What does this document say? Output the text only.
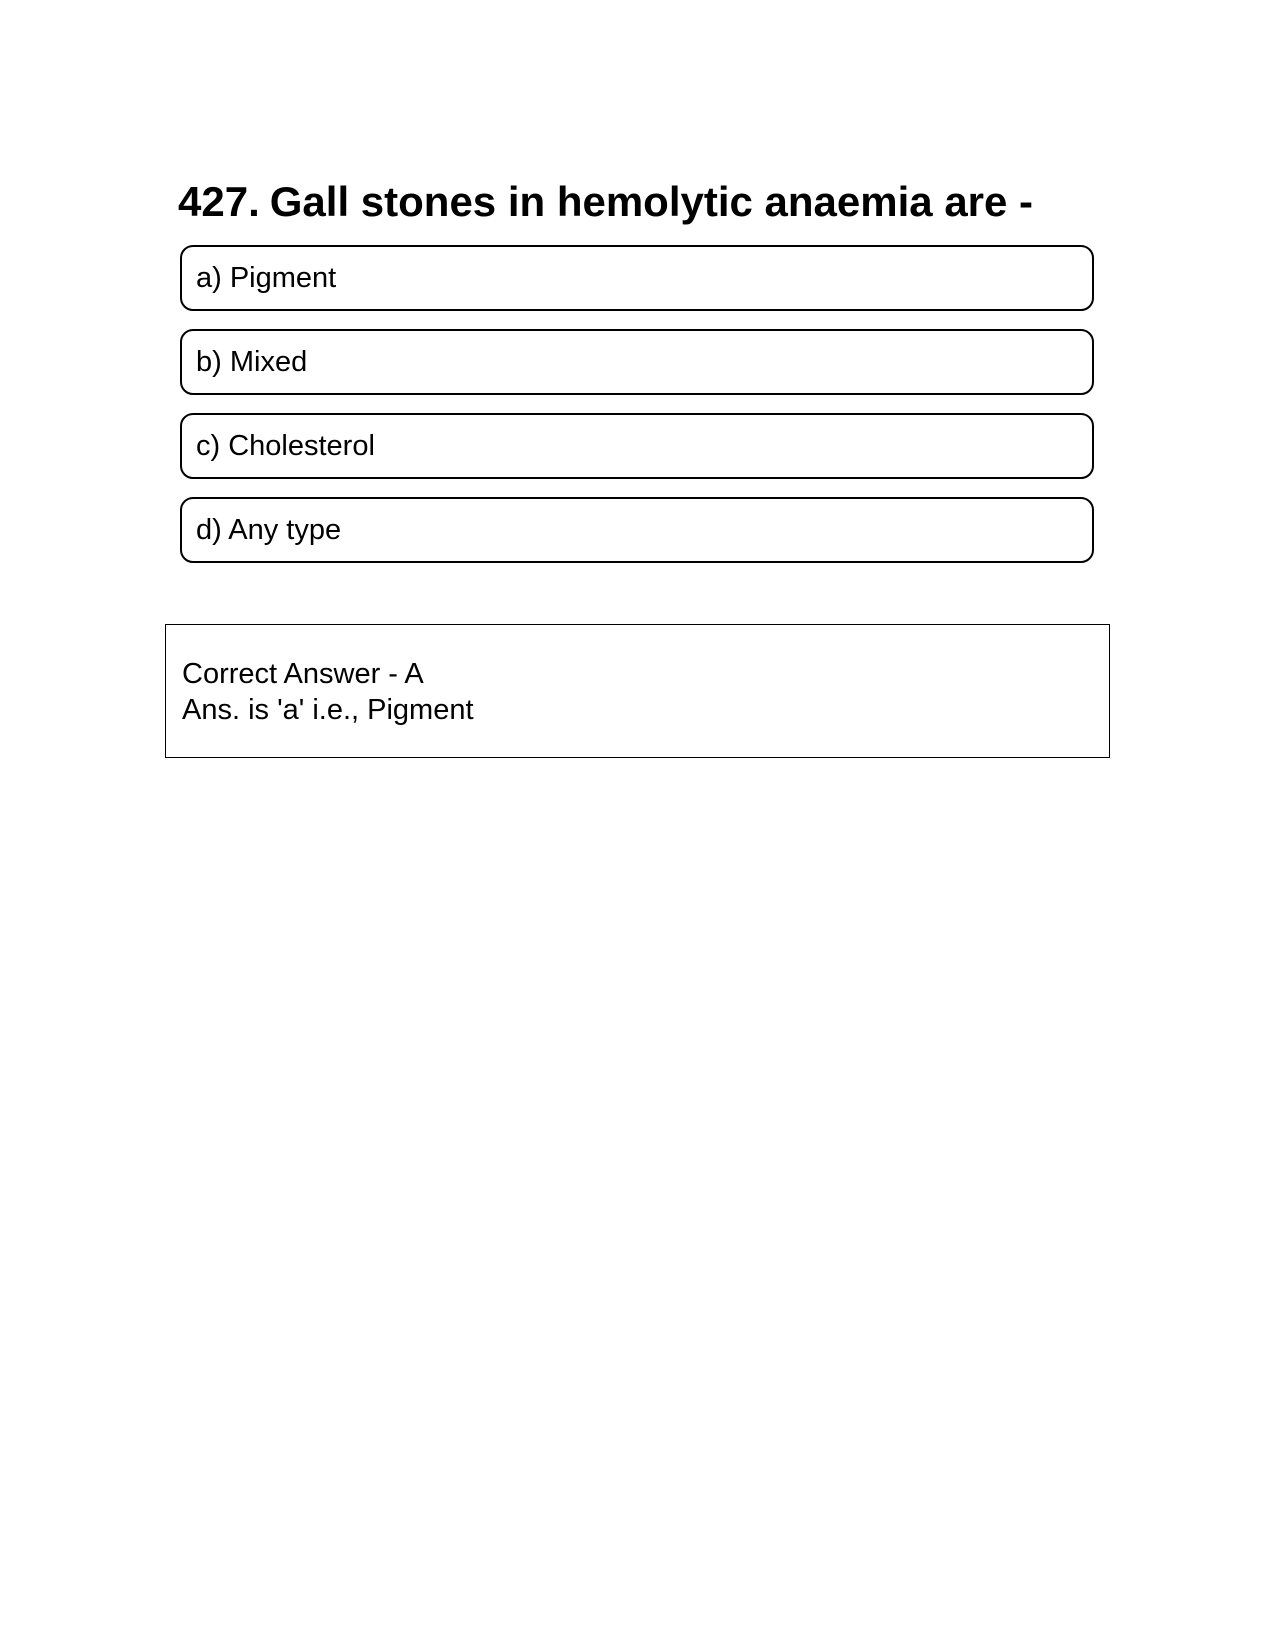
427. Gall stones in hemolytic anaemia are -
a) Pigment
b) Mixed
c) Cholesterol
d) Any type
Correct Answer - A
Ans. is 'a' i.e., Pigment
